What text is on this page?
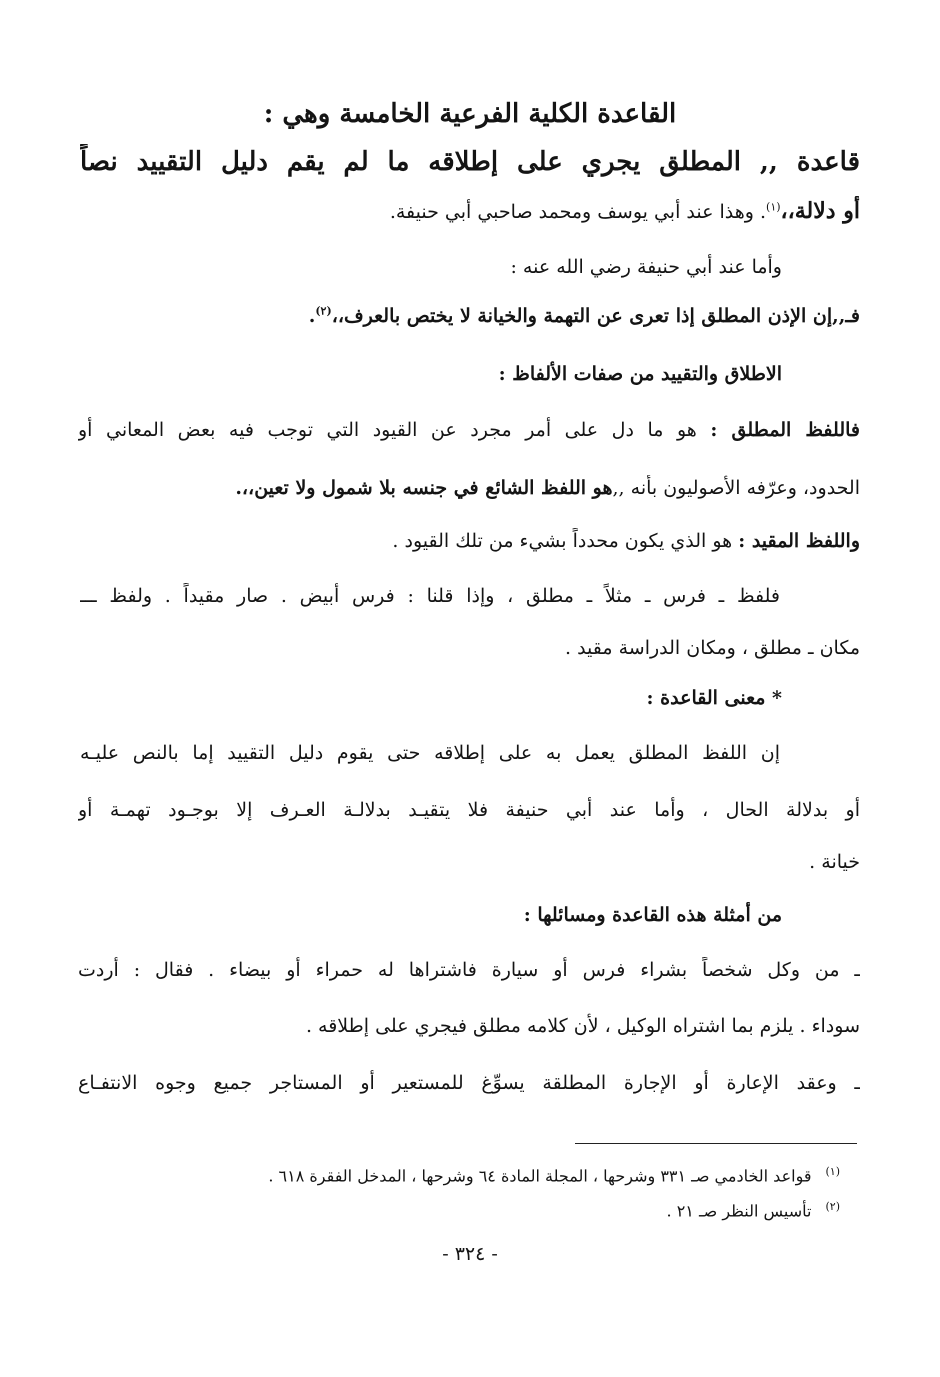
القاعدة الكلية الفرعية الخامسة وهي :
قاعدة ,, المطلق يجري على إطلاقه ما لم يقم دليل التقييد نصاً
أو دلالة،،$^{(١)}$. وهذا عند أبي يوسف ومحمد صاحبي أبي حنيفة.
وأما عند أبي حنيفة رضي الله عنه :
فـ,,إن الإذن المطلق إذا تعرى عن التهمة والخيانة لا يختص بالعرف،،$^{(٢)}$.
الاطلاق والتقييد من صفات الألفاظ :
فاللفظ المطلق : هو ما دل على أمر مجرد عن القيود التي توجب فيه بعض المعاني أو
الحدود، وعرّفه الأصوليون بأنه ,,هو اللفظ الشائع في جنسه بلا شمول ولا تعين،،.
واللفظ المقيد : هو الذي يكون محدداً بشيء من تلك القيود .
فلفظ ـ فرس ـ مثلاً ـ مطلق ، وإذا قلنا : فرس أبيض . صار مقيداً . ولفظ ـــ
مكان ـ مطلق ، ومكان الدراسة مقيد .
* معنى القاعدة :
إن اللفظ المطلق يعمل به على إطلاقه حتى يقوم دليل التقييد إما بالنص عليـه
أو بدلالة الحال ، وأما عند أبي حنيفة فلا يتقيـد بدلالـة العـرف إلا بوجـود تهمـة أو
خيانة .
من أمثلة هذه القاعدة ومسائلها :
ـ من وكل شخصاً بشراء فرس أو سيارة فاشتراها له حمراء أو بيضاء . فقال : أردت
سوداء . يلزم بما اشتراه الوكيل ، لأن كلامه مطلق فيجري على إطلاقه .
ـ وعقد الإعارة أو الإجارة المطلقة يسوِّغ للمستعير أو المستاجر جميع وجوه الانتفـاع
$^{(١)}$قواعد الخادمي صـ ٣٣١ وشرحها ، المجلة المادة ٦٤ وشرحها ، المدخل الفقرة ٦١٨ .
$^{(٢)}$تأسيس النظر صـ ٢١ .
- ٣٢٤ -
